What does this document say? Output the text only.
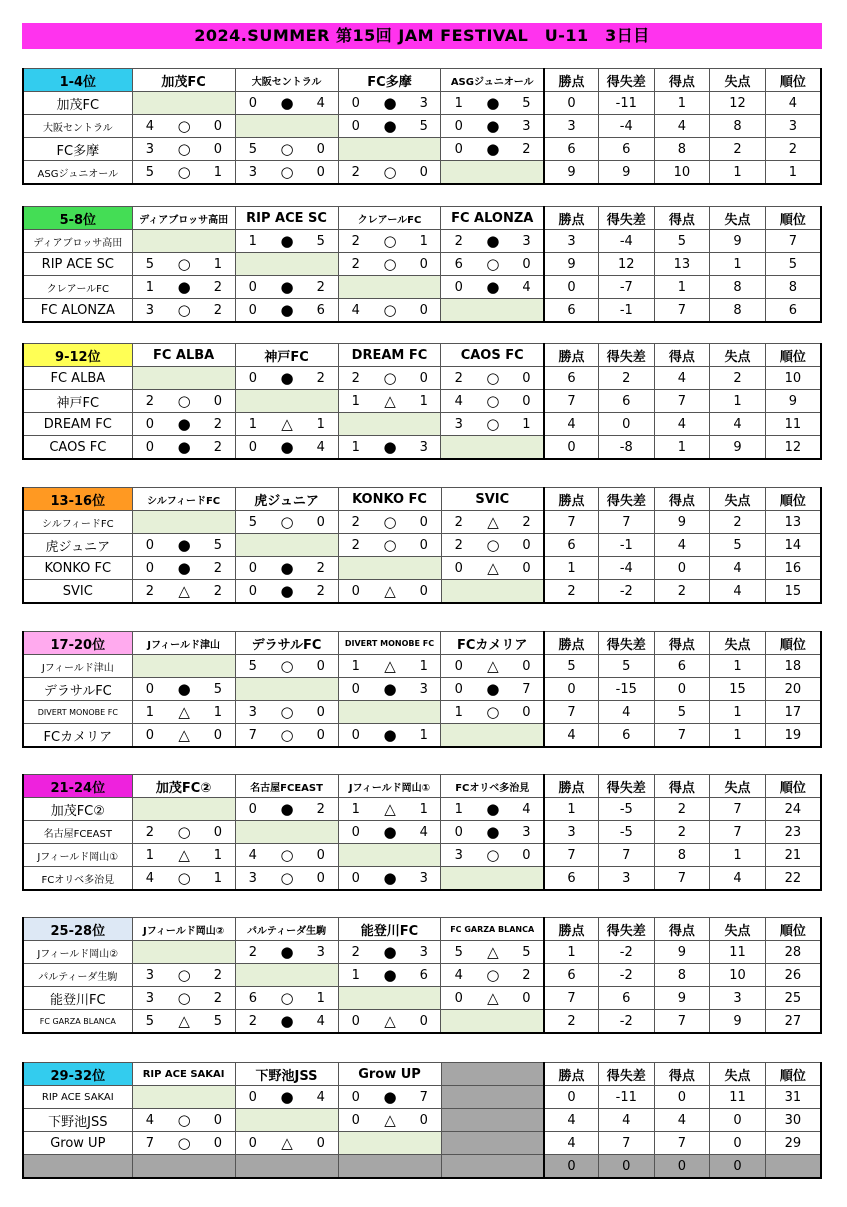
2024.SUMMER 第15回 JAM FESTIVAL　U-11　3日目
1-4位	加茂FC			大阪セントラル			FC多摩			ASGジュニオール			勝点	得失差	得点	失点	順位
加茂FC				0	●	4	0	●	3	1	●	5	0	-11	1	12	4
大阪セントラル	4	○	0				0	●	5	0	●	3	3	-4	4	8	3
FC多摩	3	○	0	5	○	0				0	●	2	6	6	8	2	2
ASGジュニオール	5	○	1	3	○	0	2	○	0				9	9	10	1	1
5-8位	ディアブロッサ高田			RIP ACE SC			クレアールFC			FC ALONZA			勝点	得失差	得点	失点	順位
ディアブロッサ高田				1	●	5	2	○	1	2	●	3	3	-4	5	9	7
RIP ACE SC	5	○	1				2	○	0	6	○	0	9	12	13	1	5
クレアールFC	1	●	2	0	●	2				0	●	4	0	-7	1	8	8
FC ALONZA	3	○	2	0	●	6	4	○	0				6	-1	7	8	6
9-12位	FC ALBA			神戸FC			DREAM FC			CAOS FC			勝点	得失差	得点	失点	順位
FC ALBA				0	●	2	2	○	0	2	○	0	6	2	4	2	10
神戸FC	2	○	0				1	△	1	4	○	0	7	6	7	1	9
DREAM FC	0	●	2	1	△	1				3	○	1	4	0	4	4	11
CAOS FC	0	●	2	0	●	4	1	●	3				0	-8	1	9	12
13-16位	シルフィードFC			虎ジュニア			KONKO FC			SVIC			勝点	得失差	得点	失点	順位
シルフィードFC				5	○	0	2	○	0	2	△	2	7	7	9	2	13
虎ジュニア	0	●	5				2	○	0	2	○	0	6	-1	4	5	14
KONKO FC	0	●	2	0	●	2				0	△	0	1	-4	0	4	16
SVIC	2	△	2	0	●	2	0	△	0				2	-2	2	4	15
17-20位	Jフィールド津山			デラサルFC			DIVERT MONOBE FC			FCカメリア			勝点	得失差	得点	失点	順位
Jフィールド津山				5	○	0	1	△	1	0	△	0	5	5	6	1	18
デラサルFC	0	●	5				0	●	3	0	●	7	0	-15	0	15	20
DIVERT MONOBE FC	1	△	1	3	○	0				1	○	0	7	4	5	1	17
FCカメリア	0	△	0	7	○	0	0	●	1				4	6	7	1	19
21-24位	加茂FC②			名古屋FCEAST			Jフィールド岡山①			FCオリベ多治見			勝点	得失差	得点	失点	順位
加茂FC②				0	●	2	1	△	1	1	●	4	1	-5	2	7	24
名古屋FCEAST	2	○	0				0	●	4	0	●	3	3	-5	2	7	23
Jフィールド岡山①	1	△	1	4	○	0				3	○	0	7	7	8	1	21
FCオリベ多治見	4	○	1	3	○	0	0	●	3				6	3	7	4	22
25-28位	Jフィールド岡山②			パルティーダ生駒			能登川FC			FC GARZA BLANCA			勝点	得失差	得点	失点	順位
Jフィールド岡山②				2	●	3	2	●	3	5	△	5	1	-2	9	11	28
パルティーダ生駒	3	○	2				1	●	6	4	○	2	6	-2	8	10	26
能登川FC	3	○	2	6	○	1				0	△	0	7	6	9	3	25
FC GARZA BLANCA	5	△	5	2	●	4	0	△	0				2	-2	7	9	27
29-32位	RIP ACE SAKAI			下野池JSS			Grow UP						勝点	得失差	得点	失点	順位
RIP ACE SAKAI				0	●	4	0	●	7				0	-11	0	11	31
下野池JSS	4	○	0				0	△	0				4	4	4	0	30
Grow UP	7	○	0	0	△	0							4	7	7	0	29
													0	0	0	0	
